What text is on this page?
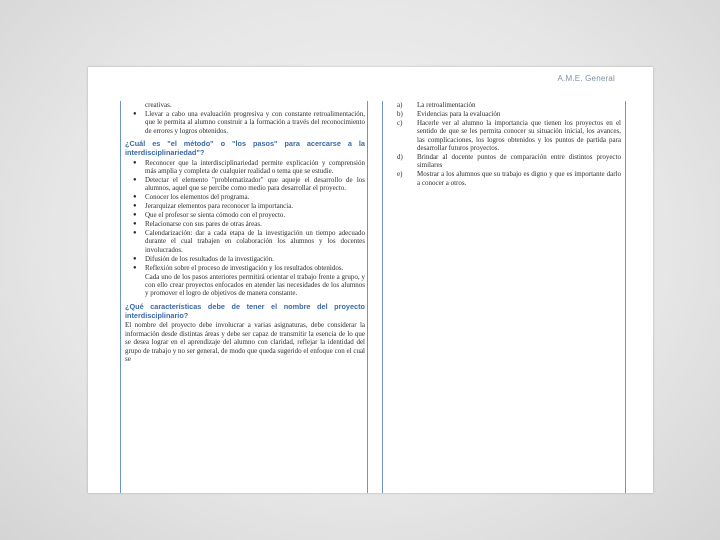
A.M.E. General
creativas.
●	Llevar a cabo una evaluación progresiva y con constante retroalimentación, que le permita al alumno construir a la formación a través del reconocimiento de errores y logros obtenidos.
¿Cuál es "el método" o "los pasos" para acercarse a la interdisciplinariedad"?
●	Reconocer que la interdisciplinariedad permite explicación y comprensión más amplia y completa de cualquier realidad o tema que se estudie.
●	Detectar el elemento "problematizador" que aqueje el desarrollo de los alumnos, aquel que se percibe como medio para desarrollar el proyecto.
●	Conocer los elementos del programa.
●	Jerarquizar elementos para reconocer la importancia.
●	Que el profesor se sienta cómodo con el proyecto.
●	Relacionarse con sus pares de otras áreas.
●	Calendarización: dar a cada etapa de la investigación un tiempo adecuado durante el cual trabajen en colaboración los alumnos y los docentes involucrados.
●	Difusión de los resultados de la investigación.
●	Reflexión sobre el proceso de investigación y los resultados obtenidos.
Cada uno de los pasos anteriores permitirá orientar el trabajo frente a grupo, y con ello crear proyectos enfocados en atender las necesidades de los alumnos y promover el logro de objetivos de manera constante.
¿Qué características debe de tener el nombre del proyecto interdisciplinario?

El nombre del proyecto debe involucrar a varias asignaturas, debe considerar la información desde distintas áreas y debe ser capaz de transmitir la esencia de lo que se desea lograr en el aprendizaje del alumno con claridad, reflejar la identidad del grupo de trabajo y no ser general, de modo que queda sugerido el enfoque con el cual se

a)	La retroalimentación
b)	Evidencias para la evaluación
c)	Hacerle ver al alumno la importancia que tienen los proyectos en el sentido de que se les permita conocer su situación inicial, los avances, las complicaciones, los logros obtenidos y los puntos de partida para desarrollar futuros proyectos.
d)	Brindar al docente puntos de comparación entre distintos proyecto similares
e)	Mostrar a los alumnos que su trabajo es digno y que es importante darlo a conocer a otros.
